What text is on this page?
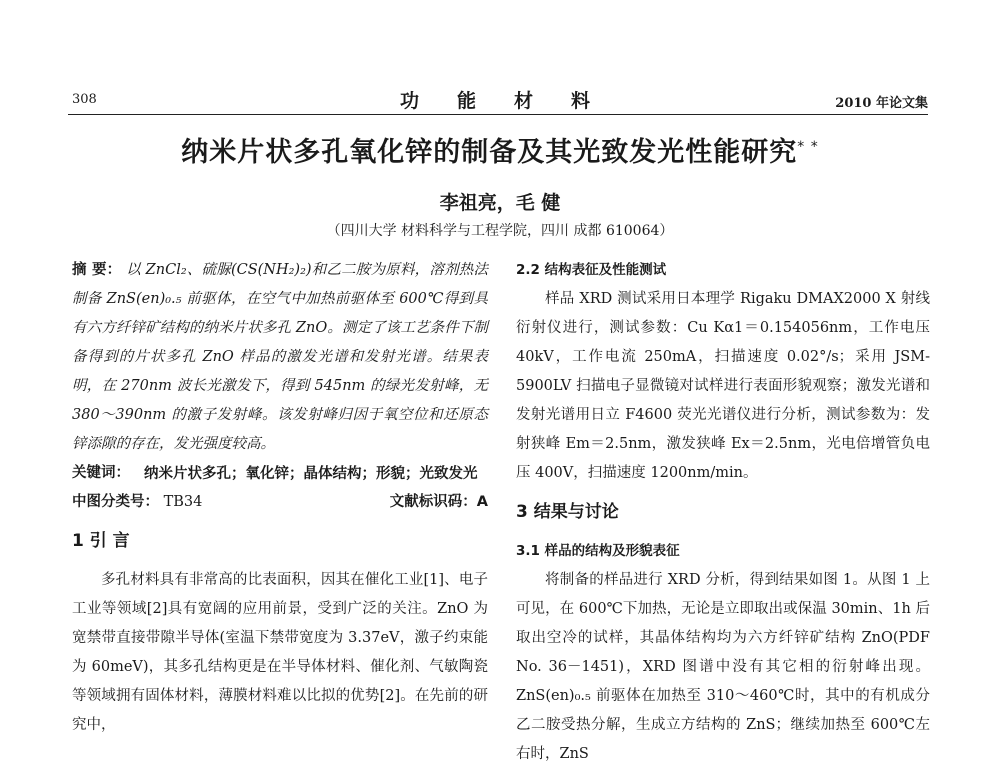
308	功能材料	2010 年论文集
纳米片状多孔氧化锌的制备及其光致发光性能研究* *
李祖亮，毛 健
（四川大学 材料科学与工程学院，四川 成都 610064）

摘 要： 以 ZnCl₂、硫脲(CS(NH₂)₂)和乙二胺为原料，溶剂热法制备 ZnS(en)₀.₅ 前驱体，在空气中加热前驱体至 600℃得到具有六方纤锌矿结构的纳米片状多孔 ZnO。测定了该工艺条件下制备得到的片状多孔 ZnO 样品的激发光谱和发射光谱。结果表明，在 270nm 波长光激发下，得到 545nm 的绿光发射峰，无 380～390nm 的激子发射峰。该发射峰归因于氧空位和还原态锌添隙的存在，发光强度较高。

关键词： 纳米片状多孔；氧化锌；晶体结构；形貌；光致发光
中图分类号： TB34	文献标识码：A
1 引 言

多孔材料具有非常高的比表面积，因其在催化工业[1]、电子工业等领域[2]具有宽阔的应用前景，受到广泛的关注。ZnO 为宽禁带直接带隙半导体(室温下禁带宽度为 3.37eV，激子约束能为 60meV)，其多孔结构更是在半导体材料、催化剂、气敏陶瓷等领域拥有固体材料，薄膜材料难以比拟的优势[2]。在先前的研究中，

2.2 结构表征及性能测试

样品 XRD 测试采用日本理学 Rigaku DMAX2000 X 射线衍射仪进行，测试参数：Cu Kα1＝0.154056nm，工作电压 40kV，工作电流 250mA，扫描速度 0.02°/s；采用 JSM-5900LV 扫描电子显微镜对试样进行表面形貌观察；激发光谱和发射光谱用日立 F4600 荧光光谱仪进行分析，测试参数为：发射狭峰 Em＝2.5nm，激发狭峰 Ex＝2.5nm，光电倍增管负电压 400V，扫描速度 1200nm/min。

3 结果与讨论
3.1 样品的结构及形貌表征

将制备的样品进行 XRD 分析，得到结果如图 1。从图 1 上可见，在 600℃下加热，无论是立即取出或保温 30min、1h 后取出空冷的试样，其晶体结构均为六方纤锌矿结构 ZnO(PDF No. 36－1451)，XRD 图谱中没有其它相的衍射峰出现。ZnS(en)₀.₅ 前驱体在加热至 310～460℃时，其中的有机成分乙二胺受热分解，生成立方结构的 ZnS；继续加热至 600℃左右时，ZnS
